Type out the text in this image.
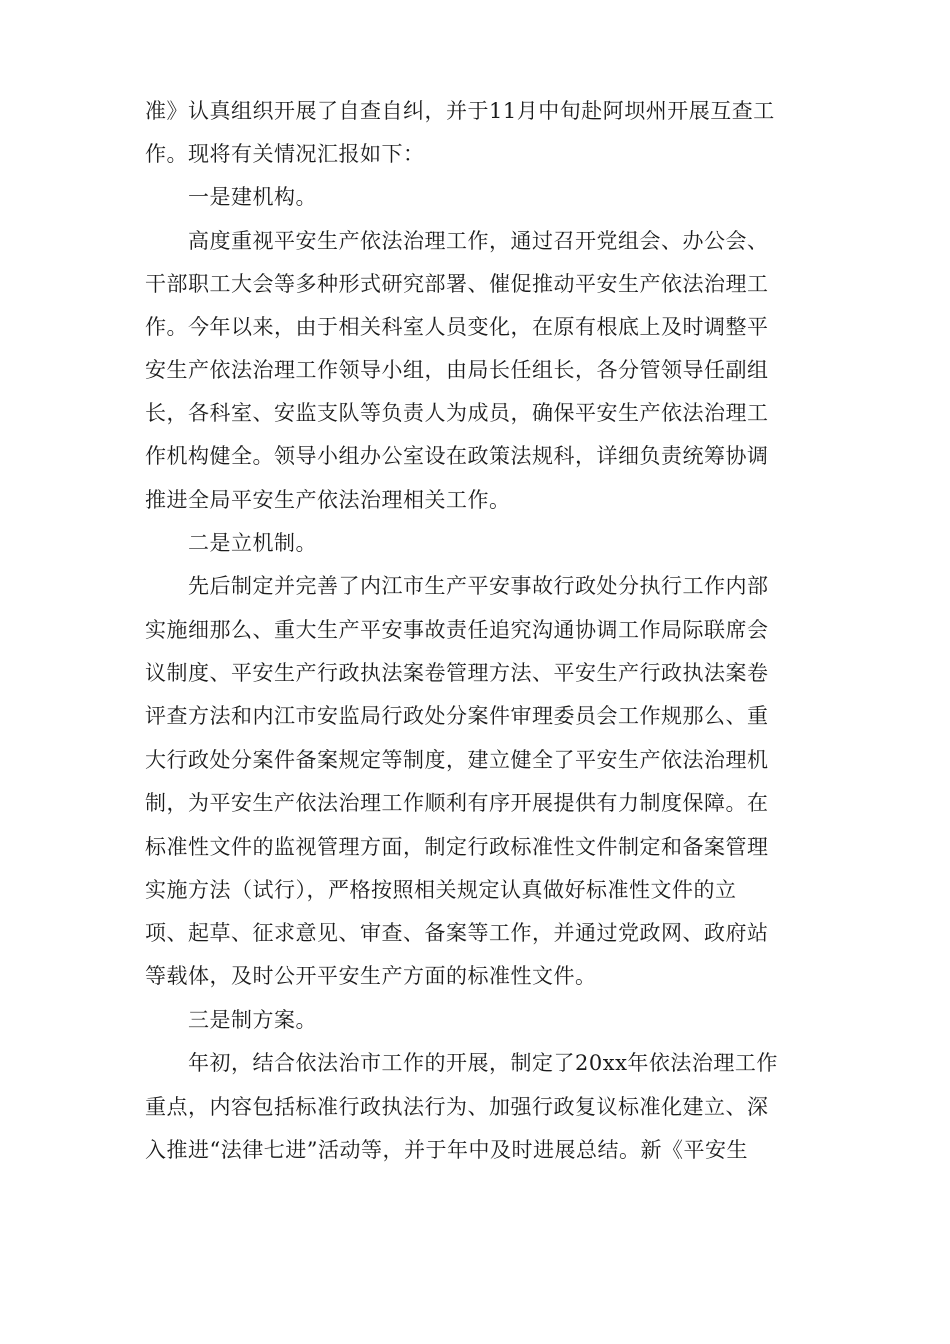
准》认真组织开展了自查自纠，并于11月中旬赴阿坝州开展互查工
作。现将有关情况汇报如下：
一是建机构。
高度重视平安生产依法治理工作，通过召开党组会、办公会、
干部职工大会等多种形式研究部署、催促推动平安生产依法治理工
作。今年以来，由于相关科室人员变化，在原有根底上及时调整平
安生产依法治理工作领导小组，由局长任组长，各分管领导任副组
长，各科室、安监支队等负责人为成员，确保平安生产依法治理工
作机构健全。领导小组办公室设在政策法规科，详细负责统筹协调
推进全局平安生产依法治理相关工作。
二是立机制。
先后制定并完善了内江市生产平安事故行政处分执行工作内部
实施细那么、重大生产平安事故责任追究沟通协调工作局际联席会
议制度、平安生产行政执法案卷管理方法、平安生产行政执法案卷
评查方法和内江市安监局行政处分案件审理委员会工作规那么、重
大行政处分案件备案规定等制度，建立健全了平安生产依法治理机
制，为平安生产依法治理工作顺利有序开展提供有力制度保障。在
标准性文件的监视管理方面，制定行政标准性文件制定和备案管理
实施方法（试行），严格按照相关规定认真做好标准性文件的立
项、起草、征求意见、审查、备案等工作，并通过党政网、政府站
等载体，及时公开平安生产方面的标准性文件。
三是制方案。
年初，结合依法治市工作的开展，制定了20xx年依法治理工作
重点，内容包括标准行政执法行为、加强行政复议标准化建立、深
入推进“法律七进”活动等，并于年中及时进展总结。新《平安生
